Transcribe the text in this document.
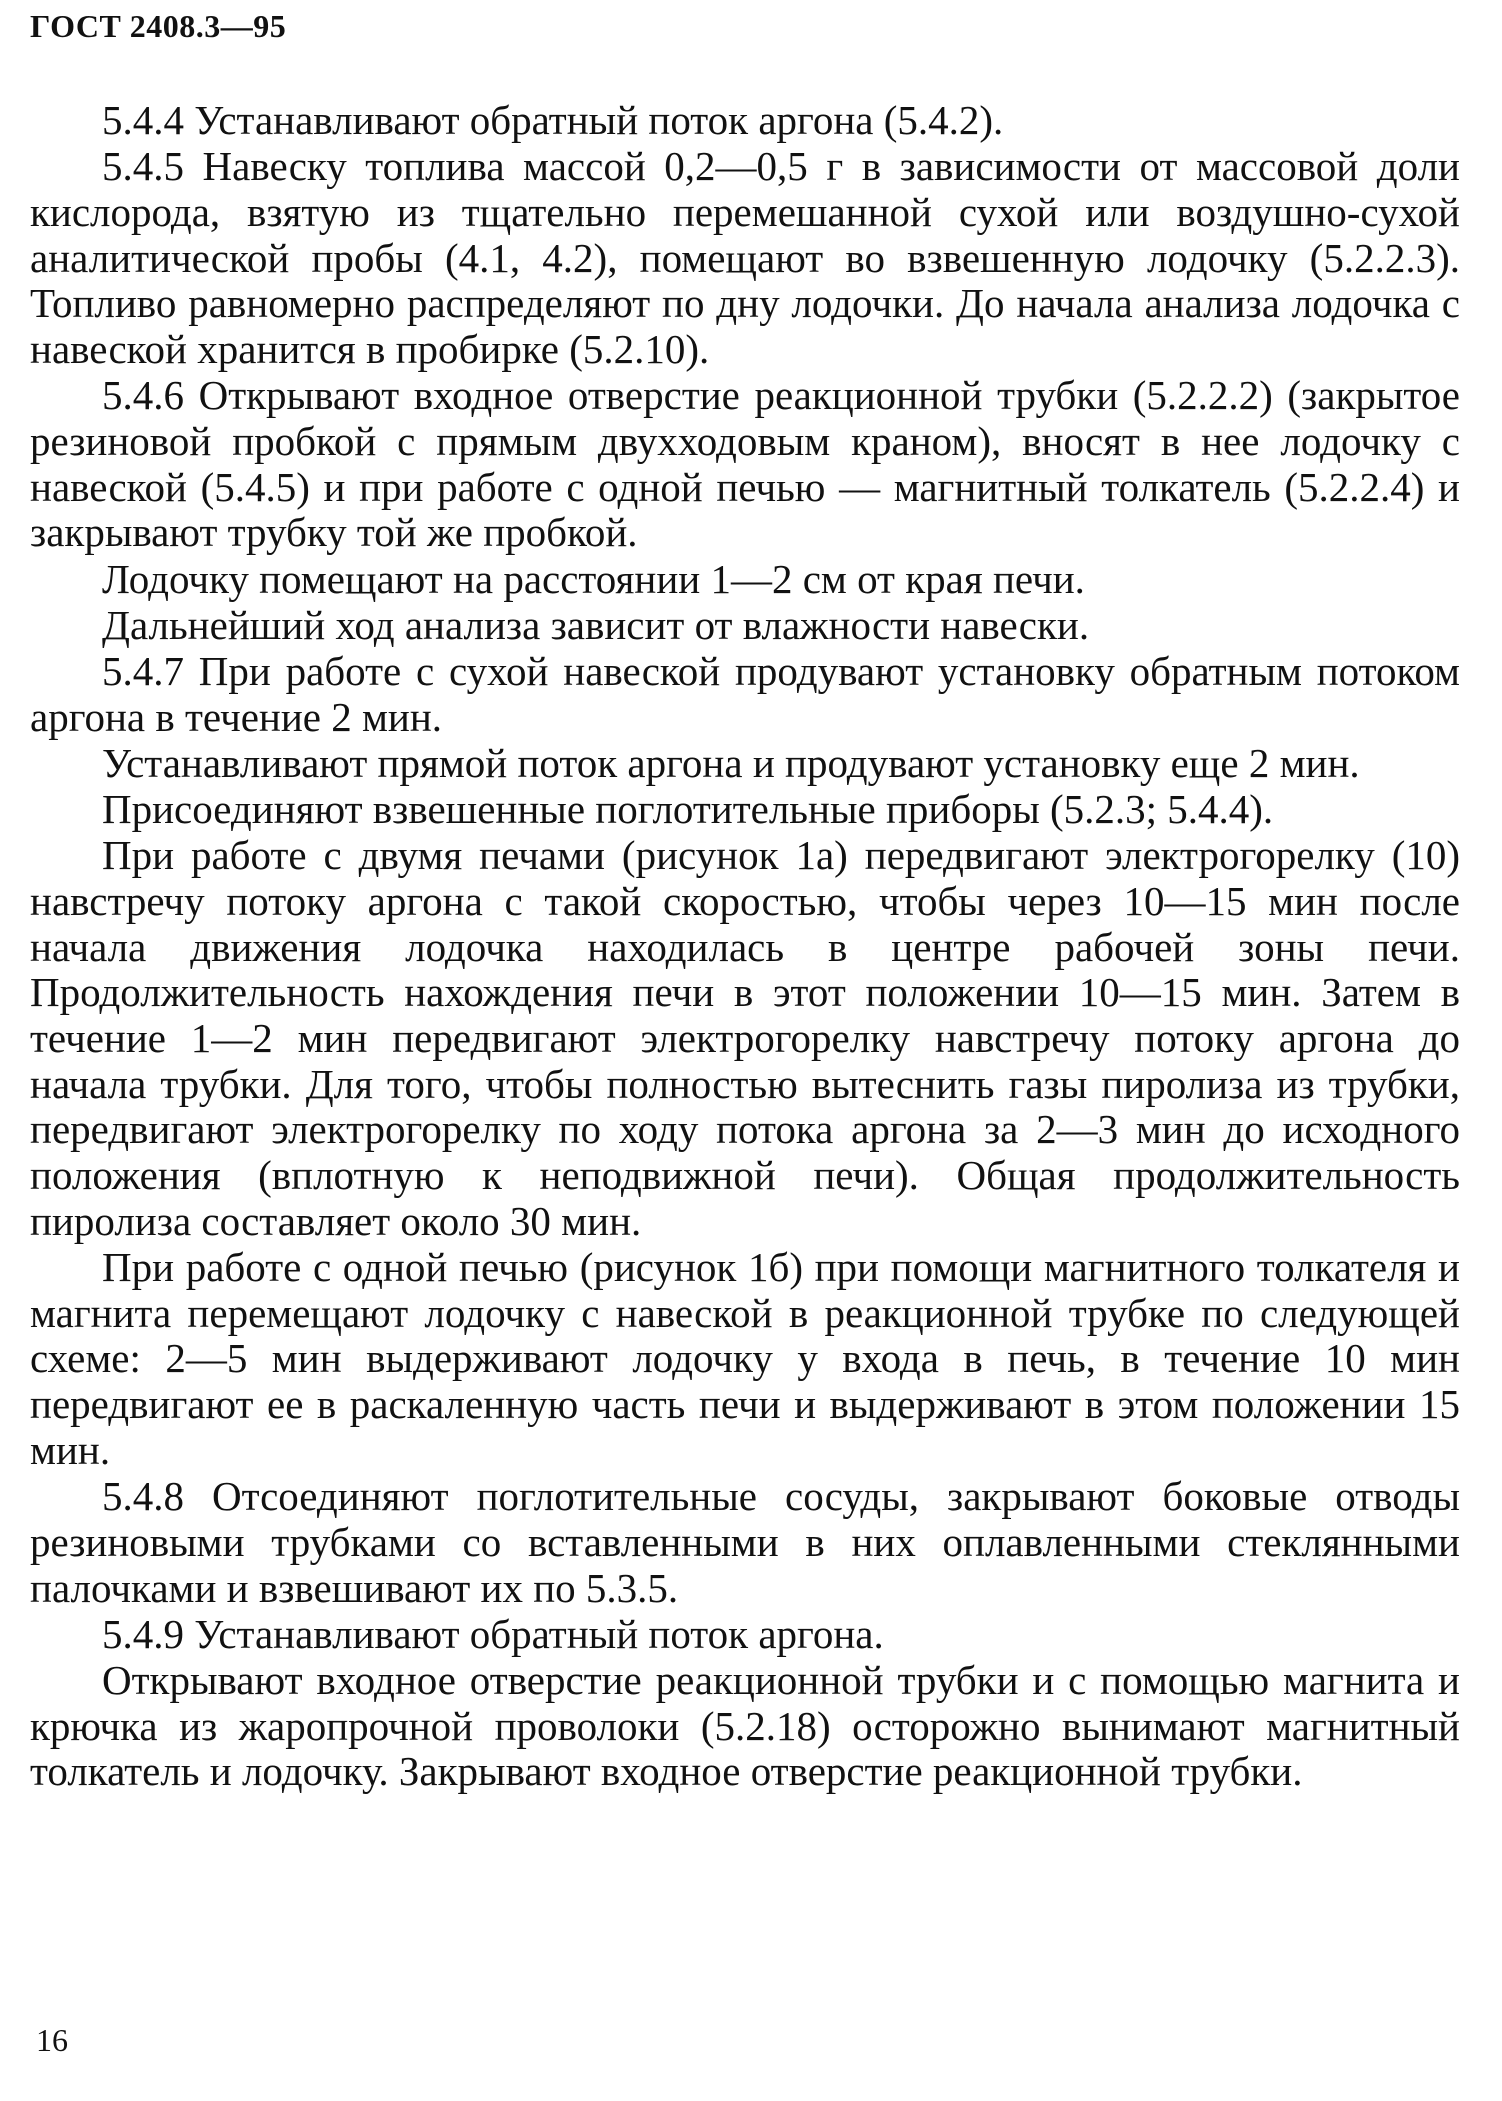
ГОСТ 2408.3—95

5.4.4 Устанавливают обратный поток аргона (5.4.2).

5.4.5 Навеску топлива массой 0,2—0,5 г в зависимости от массовой доли кислорода, взятую из тщательно перемешанной сухой или воздушно-сухой аналитической пробы (4.1, 4.2), помещают во взвешенную лодочку (5.2.2.3). Топливо равномерно распределяют по дну лодочки. До начала анализа лодочка с навеской хранится в пробирке (5.2.10).

5.4.6 Открывают входное отверстие реакционной трубки (5.2.2.2) (закрытое резиновой пробкой с прямым двухходовым краном), вносят в нее лодочку с навеской (5.4.5) и при работе с одной печью — магнитный толкатель (5.2.2.4) и закрывают трубку той же пробкой.

Лодочку помещают на расстоянии 1—2 см от края печи.

Дальнейший ход анализа зависит от влажности навески.

5.4.7 При работе с сухой навеской продувают установку обратным потоком аргона в течение 2 мин.

Устанавливают прямой поток аргона и продувают установку еще 2 мин.

Присоединяют взвешенные поглотительные приборы (5.2.3; 5.4.4).

При работе с двумя печами (рисунок 1а) передвигают электрогорелку (10) навстречу потоку аргона с такой скоростью, чтобы через 10—15 мин после начала движения лодочка находилась в центре рабочей зоны печи. Продолжительность нахождения печи в этот положении 10—15 мин. Затем в течение 1—2 мин передвигают электрогорелку навстречу потоку аргона до начала трубки. Для того, чтобы полностью вытеснить газы пиролиза из трубки, передвигают электрогорелку по ходу потока аргона за 2—3 мин до исходного положения (вплотную к неподвижной печи). Общая продолжительность пиролиза составляет около 30 мин.

При работе с одной печью (рисунок 1б) при помощи магнитного толкателя и магнита перемещают лодочку с навеской в реакционной трубке по следующей схеме: 2—5 мин выдерживают лодочку у входа в печь, в течение 10 мин передвигают ее в раскаленную часть печи и выдерживают в этом положении 15 мин.

5.4.8 Отсоединяют поглотительные сосуды, закрывают боковые отводы резиновыми трубками со вставленными в них оплавленными стеклянными палочками и взвешивают их по 5.3.5.

5.4.9 Устанавливают обратный поток аргона.

Открывают входное отверстие реакционной трубки и с помощью магнита и крючка из жаропрочной проволоки (5.2.18) осторожно вынимают магнитный толкатель и лодочку. Закрывают входное отверстие реакционной трубки.

16
